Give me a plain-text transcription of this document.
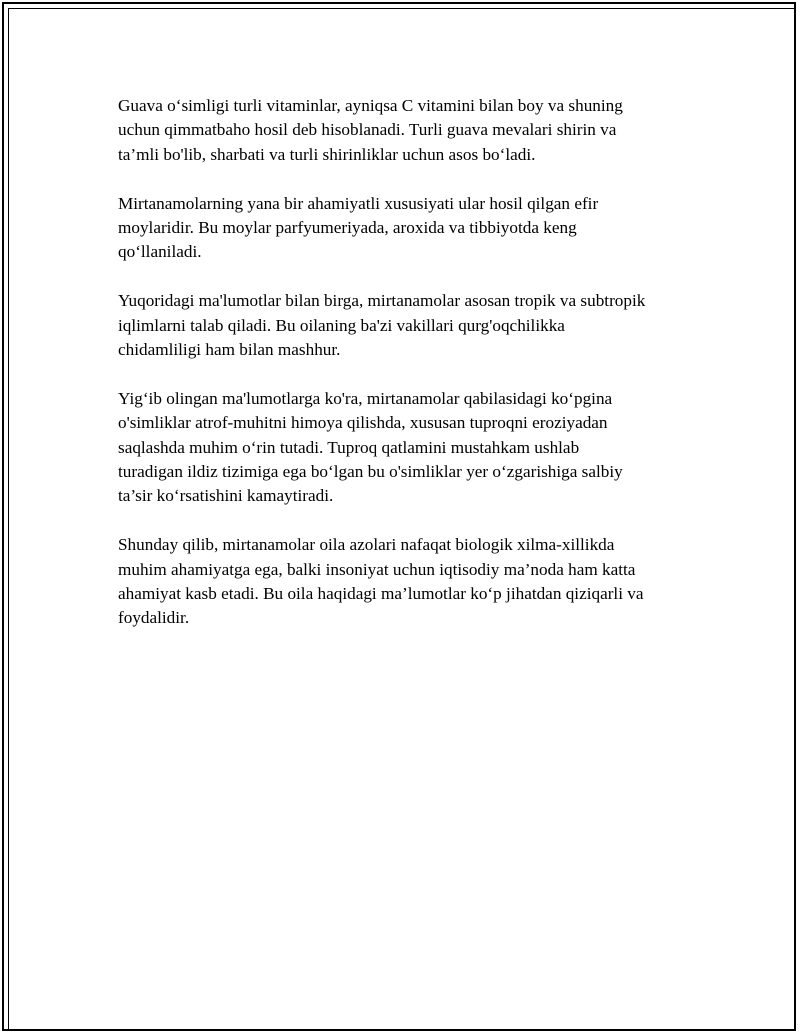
Guava o‘simligi turli vitaminlar, ayniqsa C vitamini bilan boy va shuning
uchun qimmatbaho hosil deb hisoblanadi. Turli guava mevalari shirin va
ta’mli bo'lib, sharbati va turli shirinliklar uchun asos bo‘ladi.

Mirtanamolarning yana bir ahamiyatli xususiyati ular hosil qilgan efir
moylaridir. Bu moylar parfyumeriyada, aroxida va tibbiyotda keng
qo‘llaniladi.

Yuqoridagi ma'lumotlar bilan birga, mirtanamolar asosan tropik va subtropik
iqlimlarni talab qiladi. Bu oilaning ba'zi vakillari qurg'oqchilikka
chidamliligi ham bilan mashhur.

Yig‘ib olingan ma'lumotlarga ko'ra, mirtanamolar qabilasidagi ko‘pgina
o'simliklar atrof-muhitni himoya qilishda, xususan tuproqni eroziyadan
saqlashda muhim o‘rin tutadi. Tuproq qatlamini mustahkam ushlab
turadigan ildiz tizimiga ega bo‘lgan bu o'simliklar yer o‘zgarishiga salbiy
ta’sir ko‘rsatishini kamaytiradi.

Shunday qilib, mirtanamolar oila azolari nafaqat biologik xilma-xillikda
muhim ahamiyatga ega, balki insoniyat uchun iqtisodiy ma’noda ham katta
ahamiyat kasb etadi. Bu oila haqidagi ma’lumotlar ko‘p jihatdan qiziqarli va
foydalidir.
